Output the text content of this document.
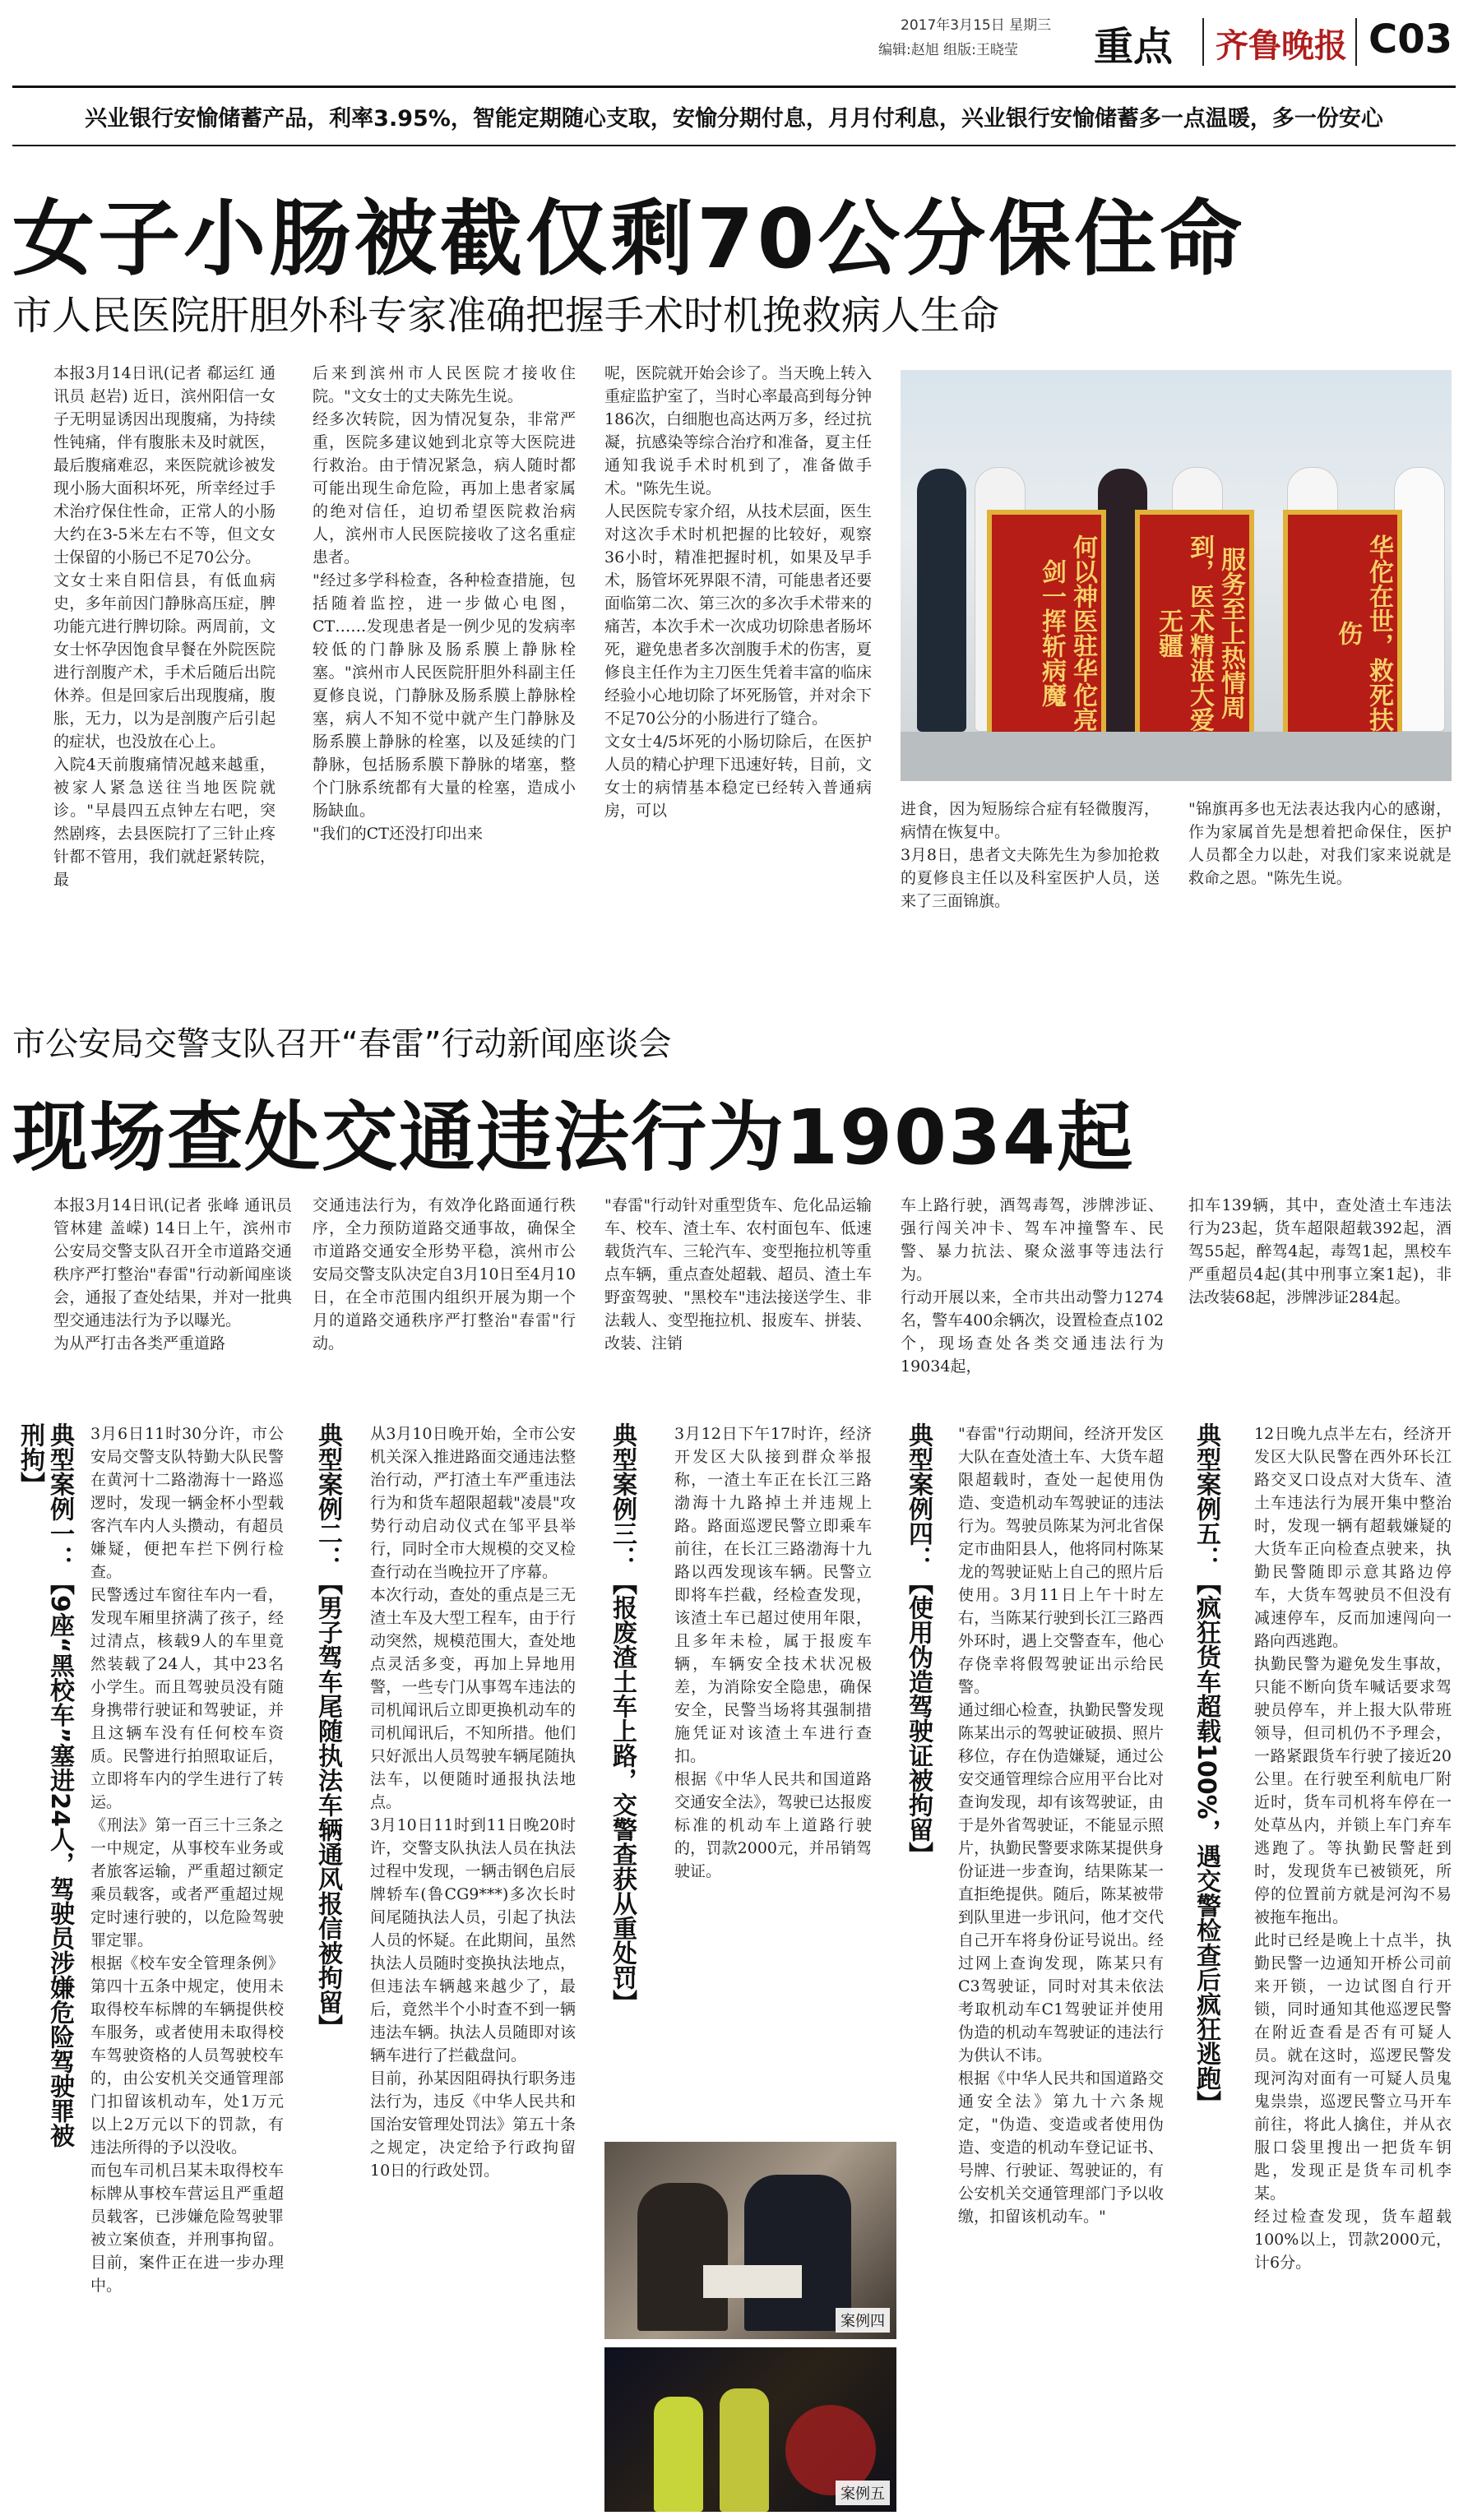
2017年3月15日 星期三
编辑:赵旭 组版:王晓莹 重点 齐鲁晚报 C03
兴业银行安愉储蓄产品，利率3.95%，智能定期随心支取，安愉分期付息，月月付利息，兴业银行安愉储蓄多一点温暖，多一份安心
女子小肠被截仅剩70公分保住命
市人民医院肝胆外科专家准确把握手术时机挽救病人生命
本报3月14日讯(记者 郗运红 通讯员 赵岩) 近日，滨州阳信一女子无明显诱因出现腹痛，为持续性钝痛，伴有腹胀未及时就医，最后腹痛难忍，来医院就诊被发现小肠大面积坏死，所幸经过手术治疗保住性命，正常人的小肠大约在3-5米左右不等，但文女士保留的小肠已不足70公分。
文女士来自阳信县，有低血病史，多年前因门静脉高压症，脾功能亢进行脾切除。两周前，文女士怀孕因饱食早餐在外院医院进行剖腹产术，手术后随后出院休养。但是回家后出现腹痛，腹胀，无力，以为是剖腹产后引起的症状，也没放在心上。
入院4天前腹痛情况越来越重，被家人紧急送往当地医院就诊。"早晨四五点钟左右吧，突然剧疼，去县医院打了三针止疼针都不管用，我们就赶紧转院，最
后来到滨州市人民医院才接收住院。"文女士的丈夫陈先生说。
经多次转院，因为情况复杂，非常严重，医院多建议她到北京等大医院进行救治。由于情况紧急，病人随时都可能出现生命危险，再加上患者家属的绝对信任，迫切希望医院救治病人，滨州市人民医院接收了这名重症患者。
"经过多学科检查，各种检查措施，包括随着监控，进一步做心电图，CT……发现患者是一例少见的发病率较低的门静脉及肠系膜上静脉栓塞。"滨州市人民医院肝胆外科副主任夏修良说，门静脉及肠系膜上静脉栓塞，病人不知不觉中就产生门静脉及肠系膜上静脉的栓塞，以及延续的门静脉，包括肠系膜下静脉的堵塞，整个门脉系统都有大量的栓塞，造成小肠缺血。
"我们的CT还没打印出来
呢，医院就开始会诊了。当天晚上转入重症监护室了，当时心率最高到每分钟186次，白细胞也高达两万多，经过抗凝，抗感染等综合治疗和准备，夏主任通知我说手术时机到了，准备做手术。"陈先生说。
人民医院专家介绍，从技术层面，医生对这次手术时机把握的比较好，观察36小时，精准把握时机，如果及早手术，肠管坏死界限不清，可能患者还要面临第二次、第三次的多次手术带来的痛苦，本次手术一次成功切除患者肠坏死，避免患者多次剖腹手术的伤害，夏修良主任作为主刀医生凭着丰富的临床经验小心地切除了坏死肠管，并对余下不足70公分的小肠进行了缝合。
文女士4/5坏死的小肠切除后，在医护人员的精心护理下迅速好转，目前，文女士的病情基本稳定已经转入普通病房，可以
何以神医驻华佗亮剑一挥斩病魔	服务至上热情周到，医术精湛大爱无疆	华佗在世，救死扶伤
进食，因为短肠综合症有轻微腹泻，病情在恢复中。
3月8日，患者文夫陈先生为参加抢救的夏修良主任以及科室医护人员，送来了三面锦旗。
"锦旗再多也无法表达我内心的感谢，作为家属首先是想着把命保住，医护人员都全力以赴，对我们家来说就是救命之恩。"陈先生说。
市公安局交警支队召开“春雷”行动新闻座谈会
现场查处交通违法行为19034起
本报3月14日讯(记者 张峰 通讯员 管林建 盖嵘) 14日上午，滨州市公安局交警支队召开全市道路交通秩序严打整治"春雷"行动新闻座谈会，通报了查处结果，并对一批典型交通违法行为予以曝光。
为从严打击各类严重道路
交通违法行为，有效净化路面通行秩序，全力预防道路交通事故，确保全市道路交通安全形势平稳，滨州市公安局交警支队决定自3月10日至4月10日，在全市范围内组织开展为期一个月的道路交通秩序严打整治"春雷"行动。
"春雷"行动针对重型货车、危化品运输车、校车、渣土车、农村面包车、低速载货汽车、三轮汽车、变型拖拉机等重点车辆，重点查处超载、超员、渣土车野蛮驾驶、"黑校车"违法接送学生、非法载人、变型拖拉机、报废车、拼装、改装、注销
车上路行驶，酒驾毒驾，涉牌涉证、强行闯关冲卡、驾车冲撞警车、民警、暴力抗法、聚众滋事等违法行为。
行动开展以来，全市共出动警力1274名，警车400余辆次，设置检查点102个，现场查处各类交通违法行为19034起，
扣车139辆，其中，查处渣土车违法行为23起，货车超限超载392起，酒驾55起，醉驾4起，毒驾1起，黑校车严重超员4起(其中刑事立案1起)，非法改装68起，涉牌涉证284起。
典型案例一：【9座“黑校车”塞进24人，驾驶员涉嫌危险驾驶罪被刑拘】	3月6日11时30分许，市公安局交警支队特勤大队民警在黄河十二路渤海十一路巡逻时，发现一辆金杯小型载客汽车内人头攒动，有超员嫌疑，便把车拦下例行检查。
民警透过车窗往车内一看，发现车厢里挤满了孩子，经过清点，核载9人的车里竟然装载了24人，其中23名小学生。而且驾驶员没有随身携带行驶证和驾驶证，并且这辆车没有任何校车资质。民警进行拍照取证后，立即将车内的学生进行了转运。
《刑法》第一百三十三条之一中规定，从事校车业务或者旅客运输，严重超过额定乘员载客，或者严重超过规定时速行驶的，以危险驾驶罪定罪。
根据《校车安全管理条例》第四十五条中规定，使用未取得校车标牌的车辆提供校车服务，或者使用未取得校车驾驶资格的人员驾驶校车的，由公安机关交通管理部门扣留该机动车，处1万元以上2万元以下的罚款，有违法所得的予以没收。
而包车司机吕某未取得校车标牌从事校车营运且严重超员载客，已涉嫌危险驾驶罪被立案侦查，并刑事拘留。目前，案件正在进一步办理中。
典型案例二：【男子驾车尾随执法车辆通风报信被拘留】
从3月10日晚开始，全市公安机关深入推进路面交通违法整治行动，严打渣土车严重违法行为和货车超限超载"凌晨"攻势行动启动仪式在邹平县举行，同时全市大规模的交叉检查行动在当晚拉开了序幕。
本次行动，查处的重点是三无渣土车及大型工程车，由于行动突然，规模范围大，查处地点灵活多变，再加上异地用警，一些专门从事驾车违法的司机闻讯后立即更换机动车的司机闻讯后，不知所措。他们只好派出人员驾驶车辆尾随执法车，以便随时通报执法地点。
3月10日11时到11日晚20时许，交警支队执法人员在执法过程中发现，一辆击钢色启辰牌轿车(鲁CG9***)多次长时间尾随执法人员，引起了执法人员的怀疑。在此期间，虽然执法人员随时变换执法地点，但违法车辆越来越少了，最后，竟然半个小时查不到一辆违法车辆。执法人员随即对该辆车进行了拦截盘问。
目前，孙某因阻碍执行职务违法行为，违反《中华人民共和国治安管理处罚法》第五十条之规定，决定给予行政拘留10日的行政处罚。
典型案例三：【报废渣土车上路，交警查获从重处罚】
3月12日下午17时许，经济开发区大队接到群众举报称，一渣土车正在长江三路渤海十九路掉土并违规上路。路面巡逻民警立即乘车前往，在长江三路渤海十九路以西发现该车辆。民警立即将车拦截，经检查发现，该渣土车已超过使用年限，且多年未检，属于报废车辆，车辆安全技术状况极差，为消除安全隐患，确保安全，民警当场将其强制措施凭证对该渣土车进行查扣。
根据《中华人民共和国道路交通安全法》，驾驶已达报废标准的机动车上道路行驶的，罚款2000元，并吊销驾驶证。
案例四
案例五
典型案例四：【使用伪造驾驶证被拘留】
"春雷"行动期间，经济开发区大队在查处渣土车、大货车超限超载时，查处一起使用伪造、变造机动车驾驶证的违法行为。驾驶员陈某为河北省保定市曲阳县人，他将同村陈某龙的驾驶证贴上自己的照片后使用。3月11日上午十时左右，当陈某行驶到长江三路西外环时，遇上交警查车，他心存侥幸将假驾驶证出示给民警。
通过细心检查，执勤民警发现陈某出示的驾驶证破损、照片移位，存在伪造嫌疑，通过公安交通管理综合应用平台比对查询发现，却有该驾驶证，由于是外省驾驶证，不能显示照片，执勤民警要求陈某提供身份证进一步查询，结果陈某一直拒绝提供。随后，陈某被带到队里进一步讯问，他才交代自己开车将身份证号说出。经过网上查询发现，陈某只有C3驾驶证，同时对其未依法考取机动车C1驾驶证并使用伪造的机动车驾驶证的违法行为供认不讳。
根据《中华人民共和国道路交通安全法》第九十六条规定，"伪造、变造或者使用伪造、变造的机动车登记证书、号牌、行驶证、驾驶证的，有公安机关交通管理部门予以收缴，扣留该机动车。"
典型案例五：【疯狂货车超载100%，遇交警检查后疯狂逃跑】
12日晚九点半左右，经济开发区大队民警在西外环长江路交叉口设点对大货车、渣土车违法行为展开集中整治时，发现一辆有超载嫌疑的大货车正向检查点驶来，执勤民警随即示意其路边停车，大货车驾驶员不但没有减速停车，反而加速闯向一路向西逃跑。
执勤民警为避免发生事故，只能不断向货车喊话要求驾驶员停车，并上报大队带班领导，但司机仍不予理会，一路紧跟货车行驶了接近20公里。在行驶至利航电厂附近时，货车司机将车停在一处草丛内，并锁上车门弃车逃跑了。等执勤民警赶到时，发现货车已被锁死，所停的位置前方就是河沟不易被拖车拖出。
此时已经是晚上十点半，执勤民警一边通知开桥公司前来开锁，一边试图自行开锁，同时通知其他巡逻民警在附近查看是否有可疑人员。就在这时，巡逻民警发现河沟对面有一可疑人员鬼鬼祟祟，巡逻民警立马开车前往，将此人擒住，并从衣服口袋里搜出一把货车钥匙，发现正是货车司机李某。
经过检查发现，货车超载100%以上，罚款2000元，计6分。
